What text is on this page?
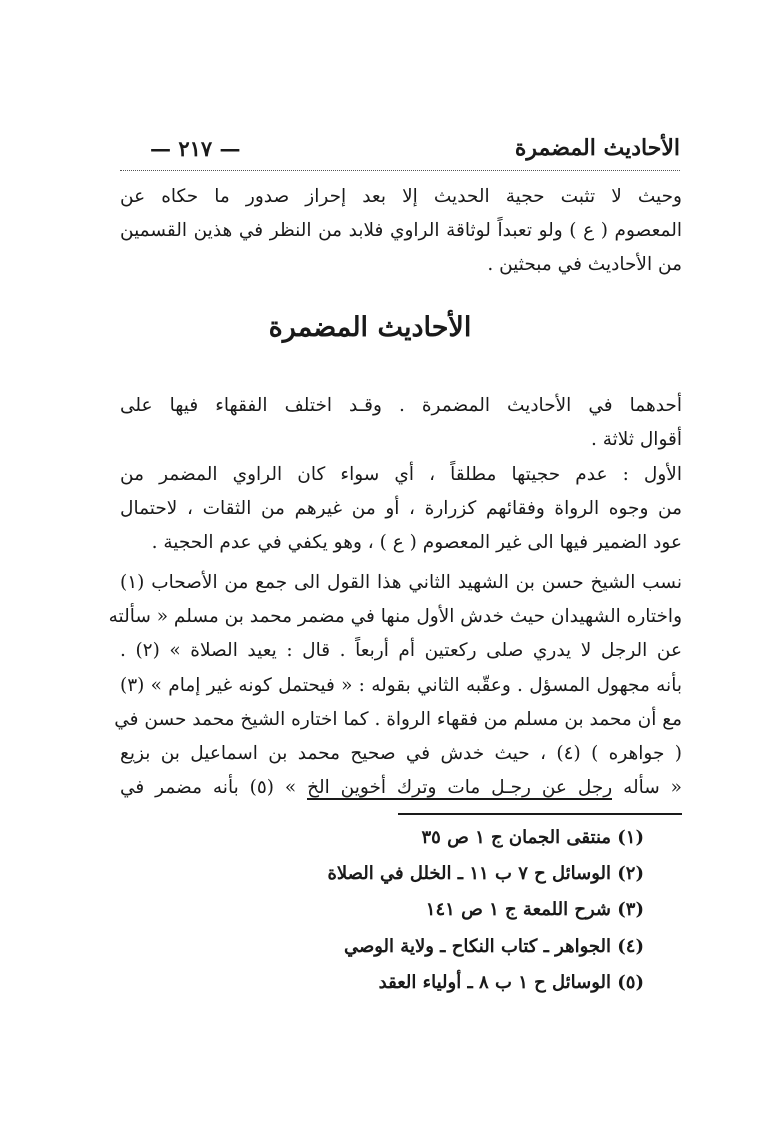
— ٢١٧ —	الأحاديث المضمرة
وحيث لا تثبت حجية الحديث إلا بعد إحراز صدور ما حكاه عن
المعصوم ( ع ) ولو تعبداً لوثاقة الراوي فلابد من النظر في هذين القسمين
من الأحاديث في مبحثين .
الأحاديث المضمرة
أحدهما في الأحاديث المضمرة . وقـد اختلف الفقهاء فيها على
أقوال ثلاثة .
الأول : عدم حجيتها مطلقاً ، أي سواء كان الراوي المضمر من
من وجوه الرواة وفقائهم كزرارة ، أو من غيرهم من الثقات ، لاحتمال
عود الضمير فيها الى غير المعصوم ( ع ) ، وهو يكفي في عدم الحجية .
نسب الشيخ حسن بن الشهيد الثاني هذا القول الى جمع من الأصحاب (١)
واختاره الشهيدان حيث خدش الأول منها في مضمر محمد بن مسلم « سألته
عن الرجل لا يدري صلى ركعتين أم أربعاً . قال : يعيد الصلاة » (٢) .
بأنه مجهول المسؤل . وعقّبه الثاني بقوله : « فيحتمل كونه غير إمام » (٣)
مع أن محمد بن مسلم من فقهاء الرواة . كما اختاره الشيخ محمد حسن في
( جواهره ) (٤) ، حيث خدش في صحيح محمد بن اسماعيل بن بزيع
« سأله رجل عن رجـل مات وترك أخوين الخ » (٥) بأنه مضمر في
(١) منتقى الجمان ج ١ ص ٣٥
(٢) الوسائل ح ٧ ب ١١ ـ الخلل في الصلاة
(٣) شرح اللمعة ج ١ ص ١٤١
(٤) الجواهر ـ كتاب النكاح ـ ولاية الوصي
(٥) الوسائل ح ١ ب ٨ ـ أولياء العقد
